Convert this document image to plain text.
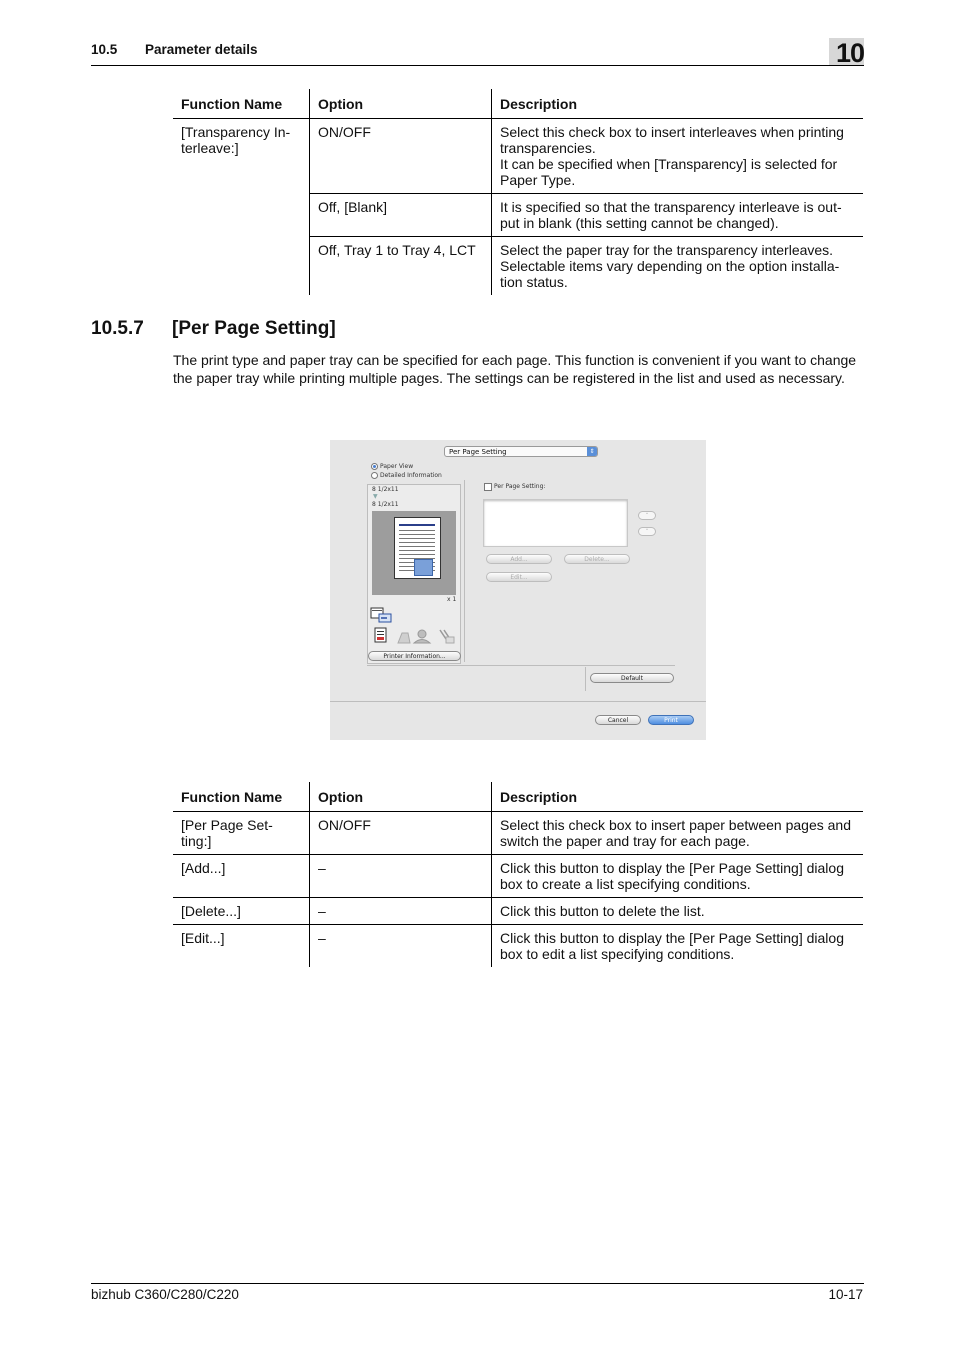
10.5 Parameter details	10
Function Name	Option	Description
[Transparency In-
terleave:]	ON/OFF	Select this check box to insert interleaves when printing transparencies.
It can be specified when [Transparency] is selected for Paper Type.
	Off, [Blank]	It is specified so that the transparency interleave is out-
put in blank (this setting cannot be changed).
	Off, Tray 1 to Tray 4, LCT	Select the paper tray for the transparency interleaves.
Selectable items vary depending on the option installa-
tion status.
10.5.7 [Per Page Setting]
The print type and paper tray can be specified for each page. This function is convenient if you want to change the paper tray while printing multiple pages. The settings can be registered in the list and used as necessary.
Per Page Setting	⇕
Paper View
Detailed Information
8 1/2x11
▼
8 1/2x11
x 1
Printer Information...
Per Page Setting:
˄
˅
Add...	Delete...
Edit...
Default
Cancel	Print
Function Name	Option	Description
[Per Page Set-
ting:]	ON/OFF	Select this check box to insert paper between pages and switch the paper and tray for each page.
[Add...]	–	Click this button to display the [Per Page Setting] dialog box to create a list specifying conditions.
[Delete...]	–	Click this button to delete the list.
[Edit...]	–	Click this button to display the [Per Page Setting] dialog box to edit a list specifying conditions.
bizhub C360/C280/C220	10-17
